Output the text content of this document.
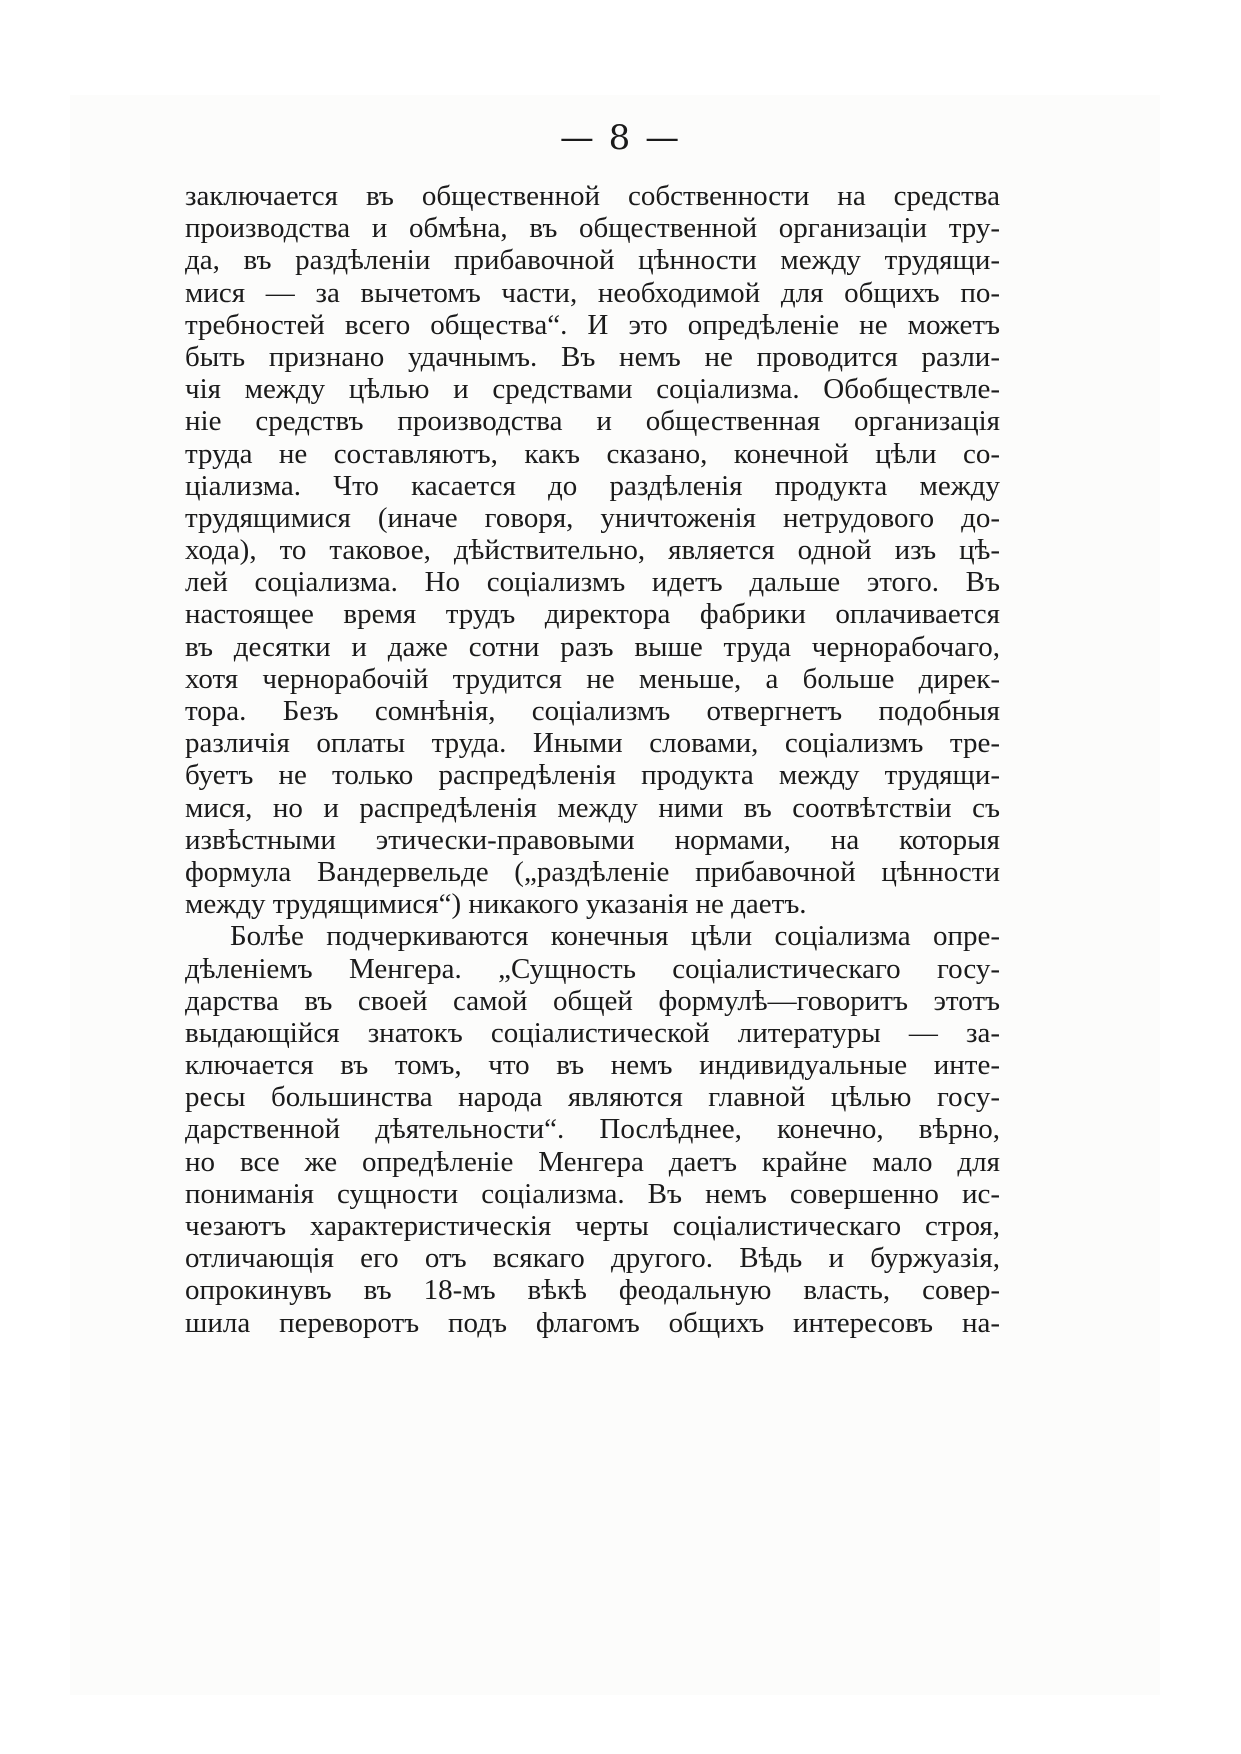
— 8 —
заключается въ общественной собственности на средства
производства и обмѣна, въ общественной организаціи тру-
да, въ раздѣленіи прибавочной цѣнности между трудящи-
мися — за вычетомъ части, необходимой для общихъ по-
требностей всего общества“. И это опредѣленіе не можетъ
быть признано удачнымъ. Въ немъ не проводится разли-
чія между цѣлью и средствами соціализма. Обобществле-
ніе средствъ производства и общественная организація
труда не составляютъ, какъ сказано, конечной цѣли со-
ціализма. Что касается до раздѣленія продукта между
трудящимися (иначе говоря, уничтоженія нетрудового до-
хода), то таковое, дѣйствительно, является одной изъ цѣ-
лей соціализма. Но соціализмъ идетъ дальше этого. Въ
настоящее время трудъ директора фабрики оплачивается
въ десятки и даже сотни разъ выше труда чернорабочаго,
хотя чернорабочій трудится не меньше, а больше дирек-
тора. Безъ сомнѣнія, соціализмъ отвергнетъ подобныя
различія оплаты труда. Иными словами, соціализмъ тре-
буетъ не только распредѣленія продукта между трудящи-
мися, но и распредѣленія между ними въ соотвѣтствіи съ
извѣстными этически-правовыми нормами, на которыя
формула Вандервельде („раздѣленіе прибавочной цѣнности
между трудящимися“) никакого указанія не даетъ.
Болѣе подчеркиваются конечныя цѣли соціализма опре-
дѣленіемъ Менгера. „Сущность соціалистическаго госу-
дарства въ своей самой общей формулѣ—говоритъ этотъ
выдающійся знатокъ соціалистической литературы — за-
ключается въ томъ, что въ немъ индивидуальные инте-
ресы большинства народа являются главной цѣлью госу-
дарственной дѣятельности“. Послѣднее, конечно, вѣрно,
но все же опредѣленіе Менгера даетъ крайне мало для
пониманія сущности соціализма. Въ немъ совершенно ис-
чезаютъ характеристическія черты соціалистическаго строя,
отличающія его отъ всякаго другого. Вѣдь и буржуазія,
опрокинувъ въ 18-мъ вѣкѣ феодальную власть, совер-
шила переворотъ подъ флагомъ общихъ интересовъ на-
